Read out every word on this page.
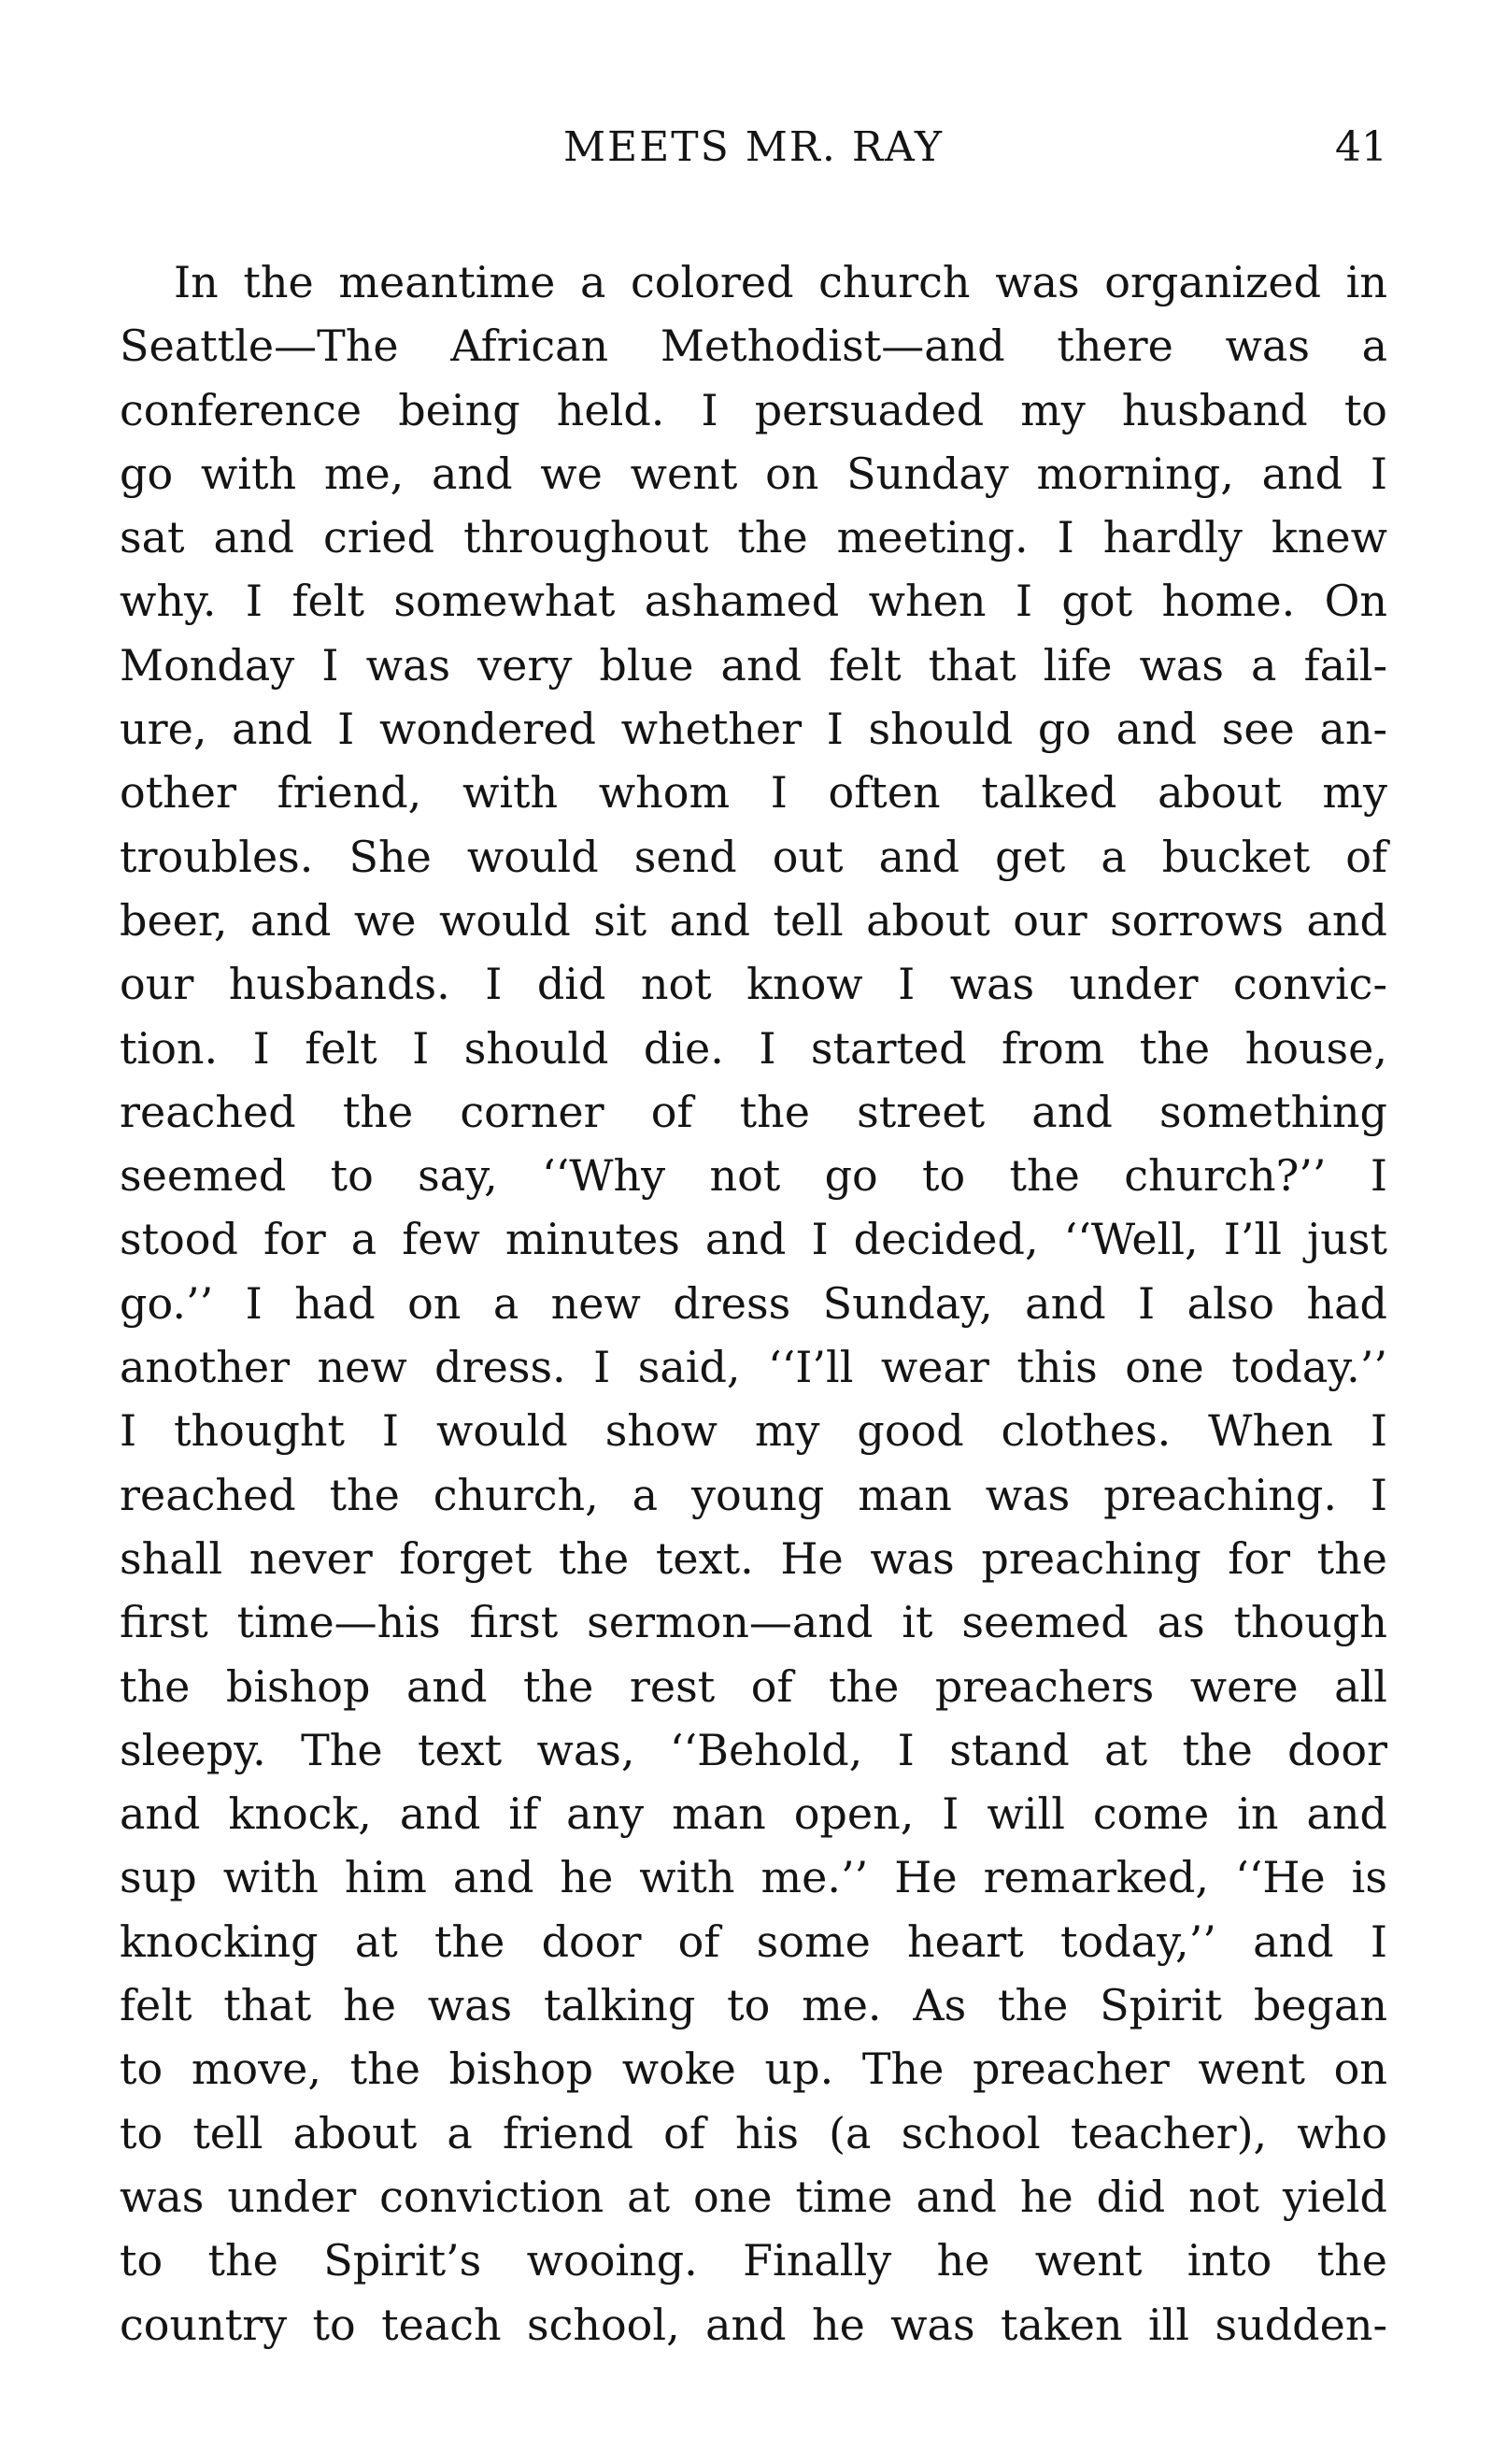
MEETS MR. RAY	41
In the meantime a colored church was organized in
Seattle—The African Methodist—and there was a
conference being held. I persuaded my husband to
go with me, and we went on Sunday morning, and I
sat and cried throughout the meeting. I hardly knew
why. I felt somewhat ashamed when I got home. On
Monday I was very blue and felt that life was a fail-
ure, and I wondered whether I should go and see an-
other friend, with whom I often talked about my
troubles. She would send out and get a bucket of
beer, and we would sit and tell about our sorrows and
our husbands. I did not know I was under convic-
tion. I felt I should die. I started from the house,
reached the corner of the street and something
seemed to say, ‘‘Why not go to the church?’’ I
stood for a few minutes and I decided, ‘‘Well, I’ll just
go.’’ I had on a new dress Sunday, and I also had
another new dress. I said, ‘‘I’ll wear this one today.’’
I thought I would show my good clothes. When I
reached the church, a young man was preaching. I
shall never forget the text. He was preaching for the
first time—his first sermon—and it seemed as though
the bishop and the rest of the preachers were all
sleepy. The text was, ‘‘Behold, I stand at the door
and knock, and if any man open, I will come in and
sup with him and he with me.’’ He remarked, ‘‘He is
knocking at the door of some heart today,’’ and I
felt that he was talking to me. As the Spirit began
to move, the bishop woke up. The preacher went on
to tell about a friend of his (a school teacher), who
was under conviction at one time and he did not yield
to the Spirit’s wooing. Finally he went into the
country to teach school, and he was taken ill sudden-
